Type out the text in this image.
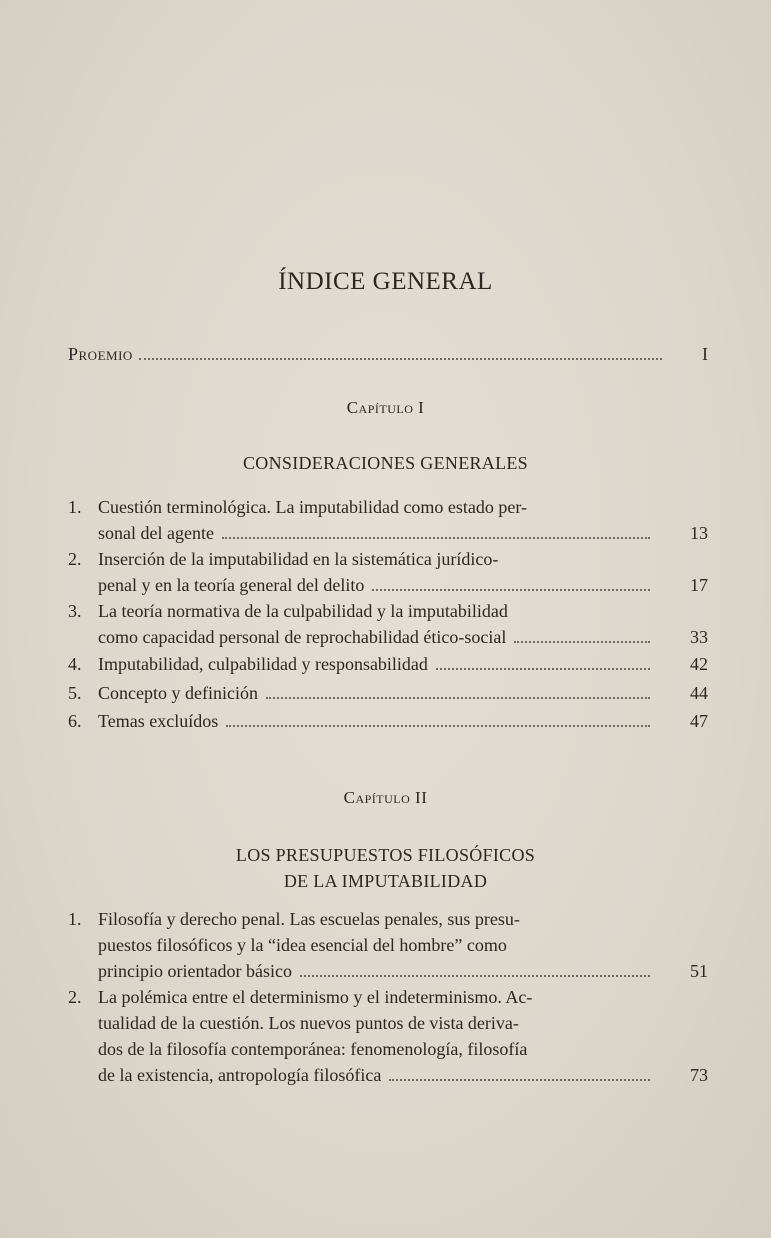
ÍNDICE GENERAL
Proemio	I
Capítulo I
CONSIDERACIONES GENERALES
1. Cuestión terminológica. La imputabilidad como estado per-
sonal del agente	13
2. Inserción de la imputabilidad en la sistemática jurídico-
penal y en la teoría general del delito	17
3. La teoría normativa de la culpabilidad y la imputabilidad
como capacidad personal de reprochabilidad ético-social	33
4. Imputabilidad, culpabilidad y responsabilidad	42
5. Concepto y definición	44
6. Temas excluídos	47
Capítulo II
LOS PRESUPUESTOS FILOSÓFICOS
DE LA IMPUTABILIDAD
1. Filosofía y derecho penal. Las escuelas penales, sus presu-
puestos filosóficos y la “idea esencial del hombre” como
principio orientador básico	51
2. La polémica entre el determinismo y el indeterminismo. Ac-
tualidad de la cuestión. Los nuevos puntos de vista deriva-
dos de la filosofía contemporánea: fenomenología, filosofía
de la existencia, antropología filosófica	73
